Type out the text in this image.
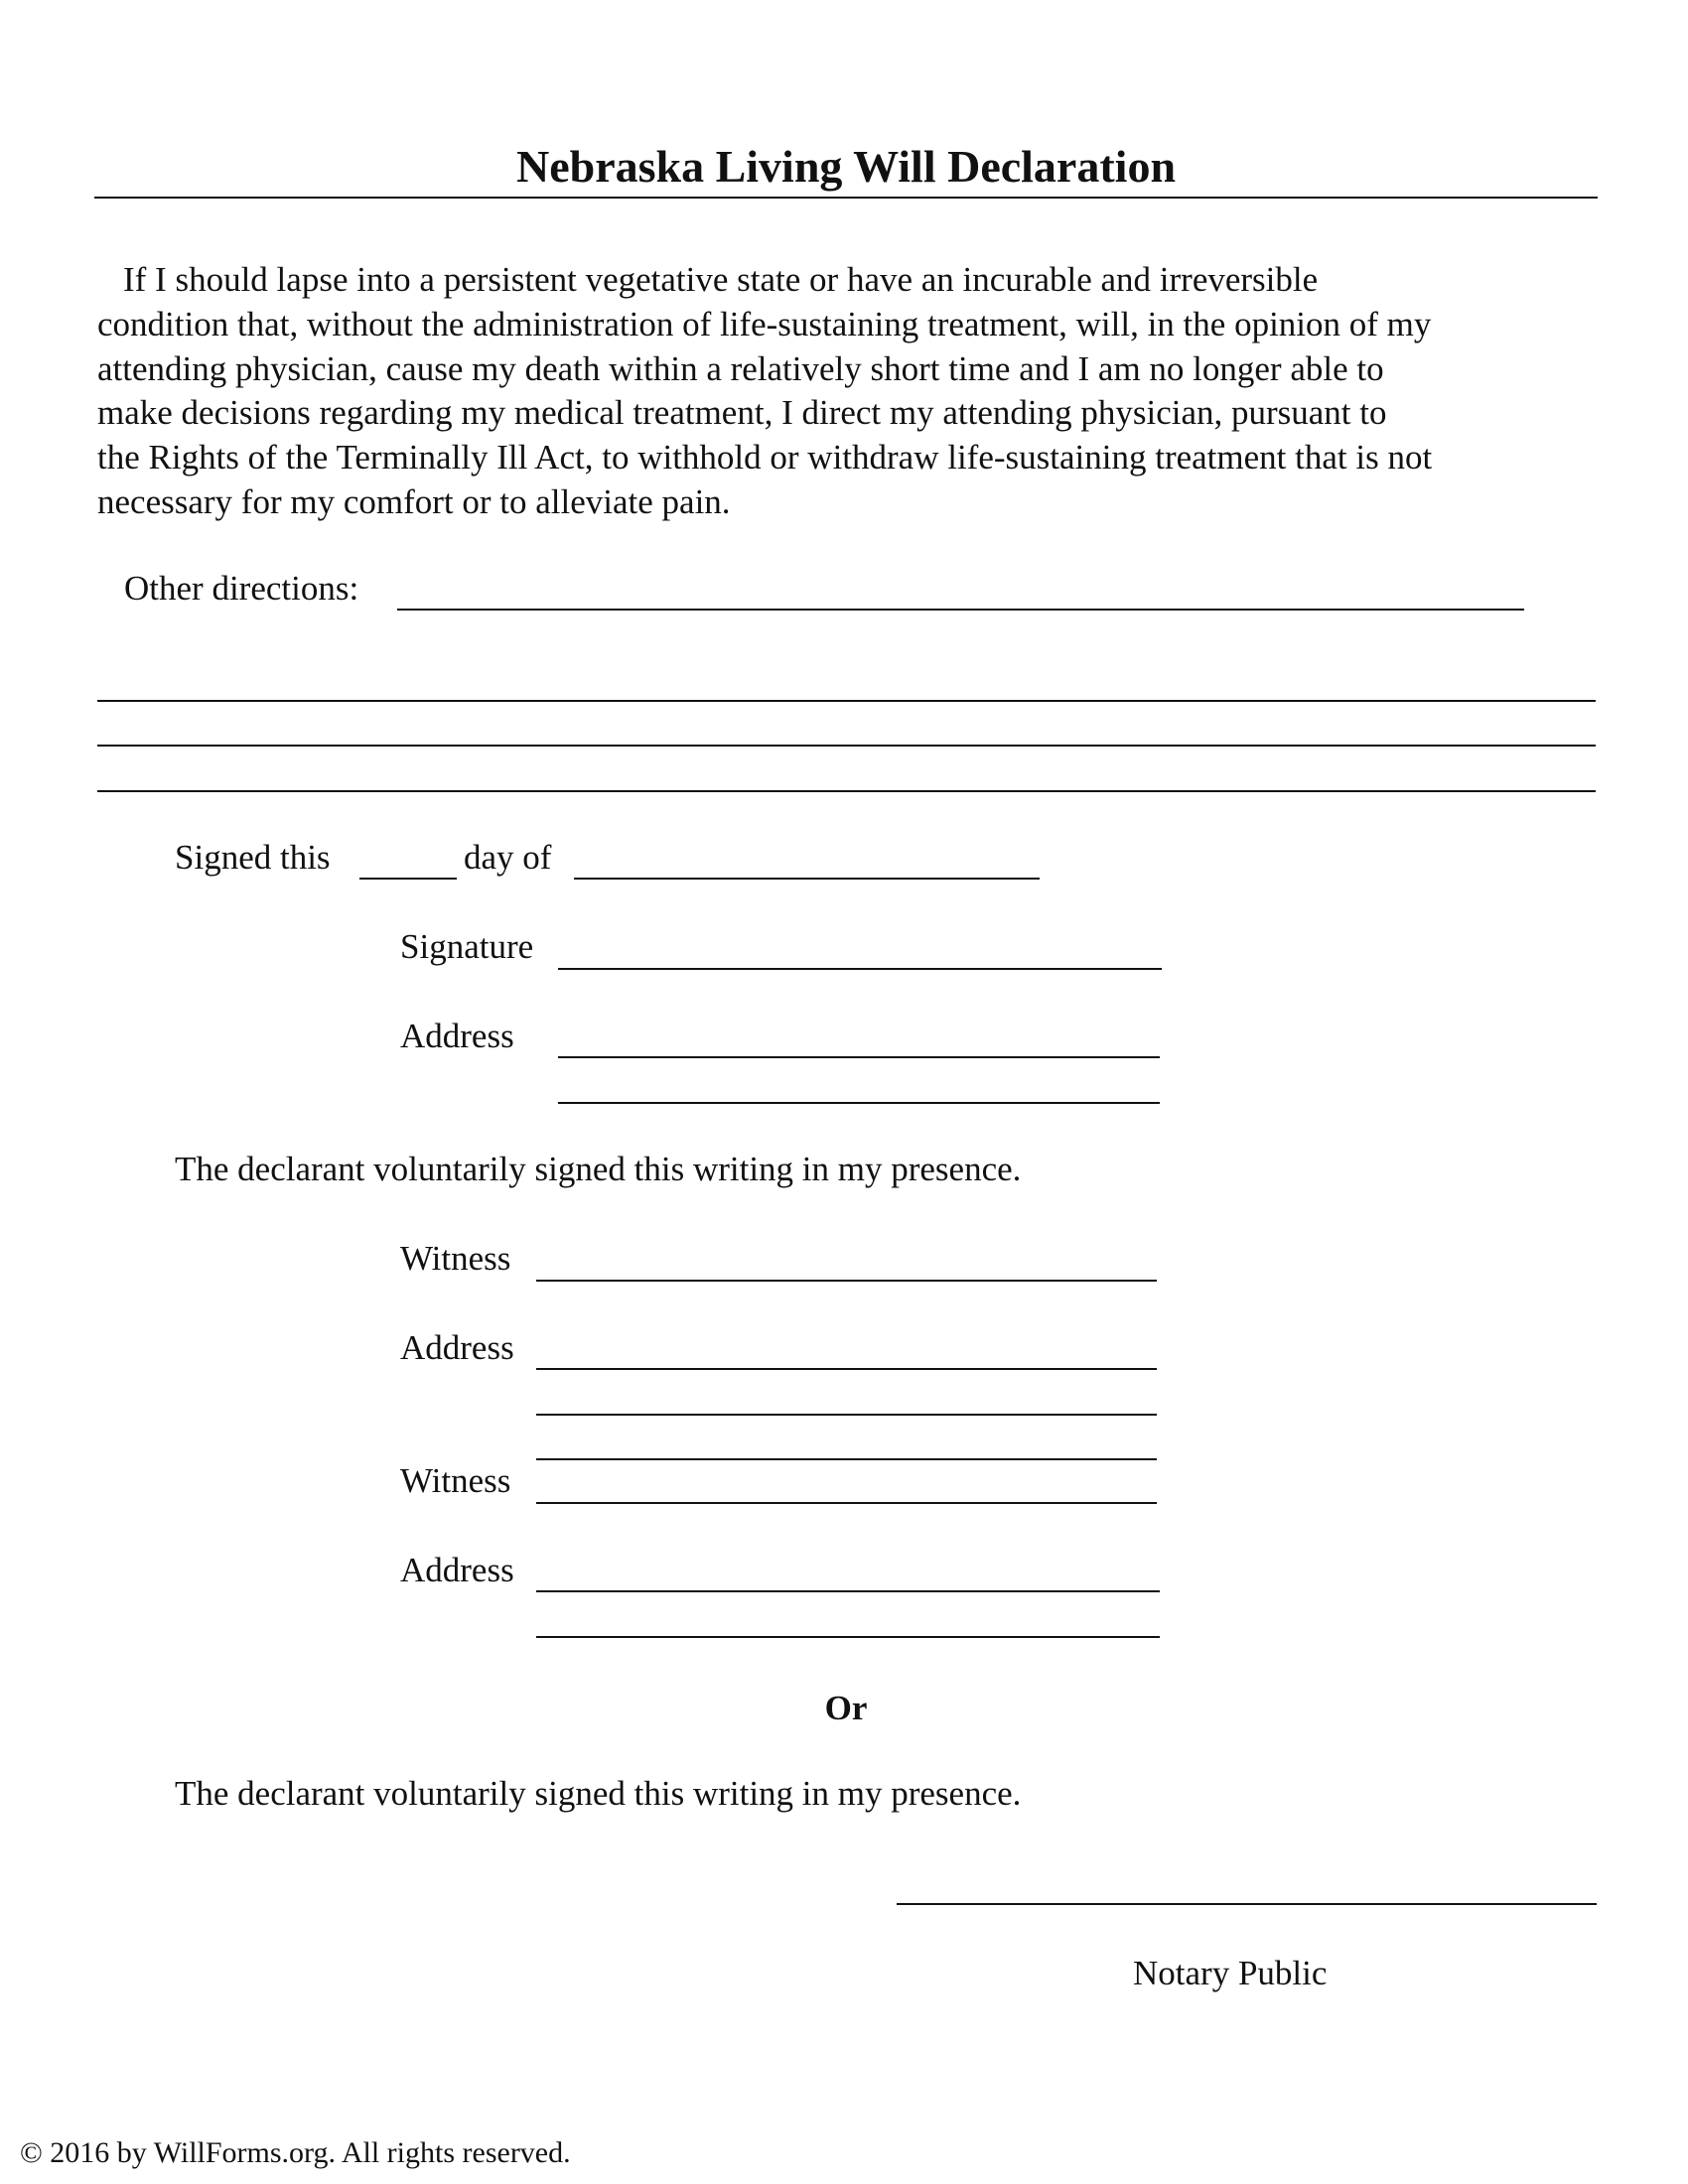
Nebraska Living Will Declaration
If I should lapse into a persistent vegetative state or have an incurable and irreversible
condition that, without the administration of life-sustaining treatment, will, in the opinion of my
attending physician, cause my death within a relatively short time and I am no longer able to
make decisions regarding my medical treatment, I direct my attending physician, pursuant to
the Rights of the Terminally Ill Act, to withhold or withdraw life-sustaining treatment that is not
necessary for my comfort or to alleviate pain.
Other directions:
Signed this	day of
Signature
Address
The declarant voluntarily signed this writing in my presence.
Witness
Address
Witness
Address
Or
The declarant voluntarily signed this writing in my presence.
Notary Public
© 2016 by WillForms.org. All rights reserved.
